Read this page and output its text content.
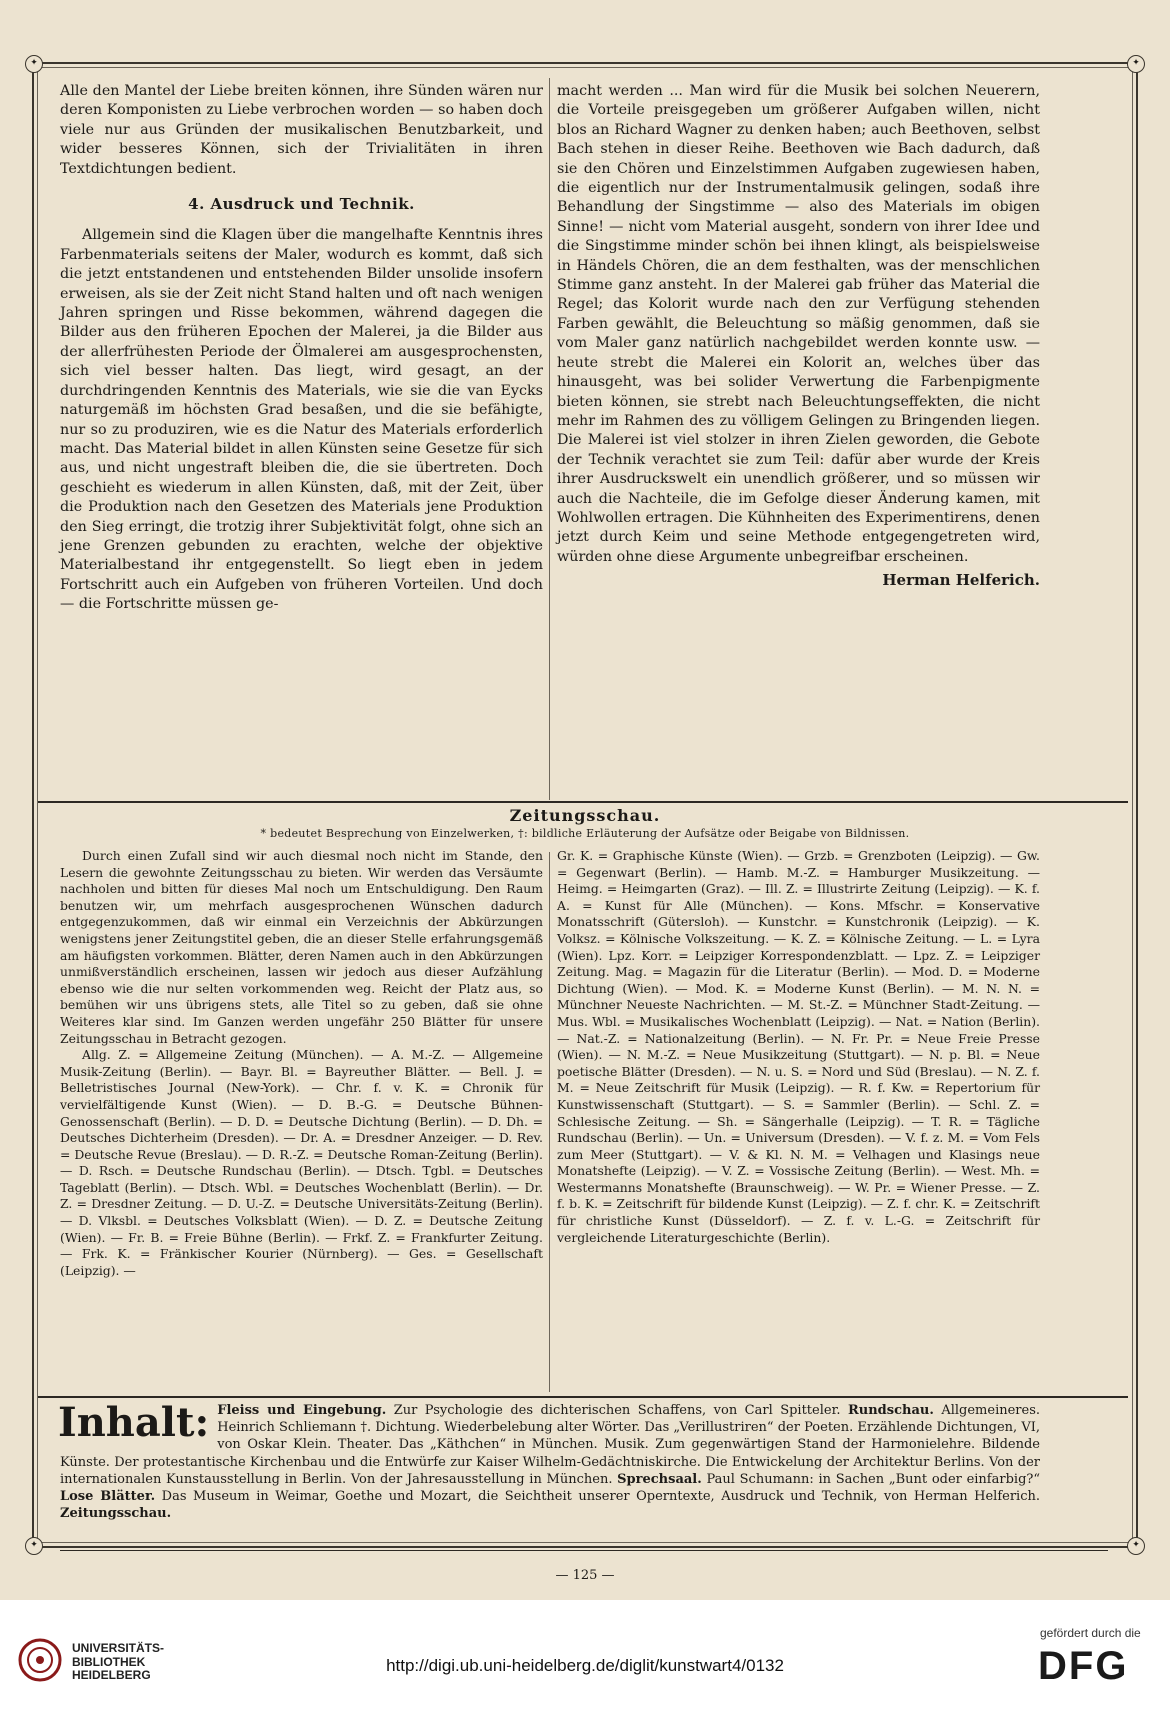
✦	✦
✦	✦

Alle den Mantel der Liebe breiten können, ihre Sünden wären nur deren Komponisten zu Liebe verbrochen worden — so haben doch viele nur aus Gründen der musikalischen Benutzbarkeit, und wider besseres Können, sich der Trivialitäten in ihren Textdichtungen bedient.

4. Ausdruck und Technik.

Allgemein sind die Klagen über die mangelhafte Kenntnis ihres Farbenmaterials seitens der Maler, wodurch es kommt, daß sich die jetzt entstandenen und entstehenden Bilder unsolide insofern erweisen, als sie der Zeit nicht Stand halten und oft nach wenigen Jahren springen und Risse bekommen, während dagegen die Bilder aus den früheren Epochen der Malerei, ja die Bilder aus der allerfrühesten Periode der Ölmalerei am ausgesprochensten, sich viel besser halten. Das liegt, wird gesagt, an der durchdringenden Kenntnis des Materials, wie sie die van Eycks naturgemäß im höchsten Grad besaßen, und die sie befähigte, nur so zu produziren, wie es die Natur des Materials erforderlich macht. Das Material bildet in allen Künsten seine Gesetze für sich aus, und nicht ungestraft bleiben die, die sie übertreten. Doch geschieht es wiederum in allen Künsten, daß, mit der Zeit, über die Produktion nach den Gesetzen des Materials jene Produktion den Sieg erringt, die trotzig ihrer Subjektivität folgt, ohne sich an jene Grenzen gebunden zu erachten, welche der objektive Materialbestand ihr entgegenstellt. So liegt eben in jedem Fortschritt auch ein Aufgeben von früheren Vorteilen. Und doch — die Fortschritte müssen ge-

macht werden ... Man wird für die Musik bei solchen Neuerern, die Vorteile preisgegeben um größerer Aufgaben willen, nicht blos an Richard Wagner zu denken haben; auch Beethoven, selbst Bach stehen in dieser Reihe. Beethoven wie Bach dadurch, daß sie den Chören und Einzelstimmen Aufgaben zugewiesen haben, die eigentlich nur der Instrumentalmusik gelingen, sodaß ihre Behandlung der Singstimme — also des Materials im obigen Sinne! — nicht vom Material ausgeht, sondern von ihrer Idee und die Singstimme minder schön bei ihnen klingt, als beispielsweise in Händels Chören, die an dem festhalten, was der menschlichen Stimme ganz ansteht. In der Malerei gab früher das Material die Regel; das Kolorit wurde nach den zur Verfügung stehenden Farben gewählt, die Beleuchtung so mäßig genommen, daß sie vom Maler ganz natürlich nachgebildet werden konnte usw. — heute strebt die Malerei ein Kolorit an, welches über das hinausgeht, was bei solider Verwertung die Farbenpigmente bieten können, sie strebt nach Beleuchtungseffekten, die nicht mehr im Rahmen des zu völligem Gelingen zu Bringenden liegen. Die Malerei ist viel stolzer in ihren Zielen geworden, die Gebote der Technik verachtet sie zum Teil: dafür aber wurde der Kreis ihrer Ausdruckswelt ein unendlich größerer, und so müssen wir auch die Nachteile, die im Gefolge dieser Änderung kamen, mit Wohlwollen ertragen. Die Kühnheiten des Experimentirens, denen jetzt durch Keim und seine Methode entgegengetreten wird, würden ohne diese Argumente unbegreifbar erscheinen.

Herman Helferich.
Zeitungsschau.
* bedeutet Besprechung von Einzelwerken, †: bildliche Erläuterung der Aufsätze oder Beigabe von Bildnissen.

Durch einen Zufall sind wir auch diesmal noch nicht im Stande, den Lesern die gewohnte Zeitungsschau zu bieten. Wir werden das Versäumte nachholen und bitten für dieses Mal noch um Entschuldigung. Den Raum benutzen wir, um mehrfach ausgesprochenen Wünschen dadurch entgegenzukommen, daß wir einmal ein Verzeichnis der Abkürzungen wenigstens jener Zeitungstitel geben, die an dieser Stelle erfahrungsgemäß am häufigsten vorkommen. Blätter, deren Namen auch in den Abkürzungen unmißverständlich erscheinen, lassen wir jedoch aus dieser Aufzählung ebenso wie die nur selten vorkommenden weg. Reicht der Platz aus, so bemühen wir uns übrigens stets, alle Titel so zu geben, daß sie ohne Weiteres klar sind. Im Ganzen werden ungefähr 250 Blätter für unsere Zeitungsschau in Betracht gezogen.

Allg. Z. = Allgemeine Zeitung (München). — A. M.-Z. — Allgemeine Musik-Zeitung (Berlin). — Bayr. Bl. = Bayreuther Blätter. — Bell. J. = Belletristisches Journal (New-York). — Chr. f. v. K. = Chronik für vervielfältigende Kunst (Wien). — D. B.-G. = Deutsche Bühnen-Genossenschaft (Berlin). — D. D. = Deutsche Dichtung (Berlin). — D. Dh. = Deutsches Dichterheim (Dresden). — Dr. A. = Dresdner Anzeiger. — D. Rev. = Deutsche Revue (Breslau). — D. R.-Z. = Deutsche Roman-Zeitung (Berlin). — D. Rsch. = Deutsche Rundschau (Berlin). — Dtsch. Tgbl. = Deutsches Tageblatt (Berlin). — Dtsch. Wbl. = Deutsches Wochenblatt (Berlin). — Dr. Z. = Dresdner Zeitung. — D. U.-Z. = Deutsche Universitäts-Zeitung (Berlin). — D. Vlksbl. = Deutsches Volksblatt (Wien). — D. Z. = Deutsche Zeitung (Wien). — Fr. B. = Freie Bühne (Berlin). — Frkf. Z. = Frankfurter Zeitung. — Frk. K. = Fränkischer Kourier (Nürnberg). — Ges. = Gesellschaft (Leipzig). —

Gr. K. = Graphische Künste (Wien). — Grzb. = Grenzboten (Leipzig). — Gw. = Gegenwart (Berlin). — Hamb. M.-Z. = Hamburger Musikzeitung. — Heimg. = Heimgarten (Graz). — Ill. Z. = Illustrirte Zeitung (Leipzig). — K. f. A. = Kunst für Alle (München). — Kons. Mfschr. = Konservative Monatsschrift (Gütersloh). — Kunstchr. = Kunstchronik (Leipzig). — K. Volksz. = Kölnische Volkszeitung. — K. Z. = Kölnische Zeitung. — L. = Lyra (Wien). Lpz. Korr. = Leipziger Korrespondenzblatt. — Lpz. Z. = Leipziger Zeitung. Mag. = Magazin für die Literatur (Berlin). — Mod. D. = Moderne Dichtung (Wien). — Mod. K. = Moderne Kunst (Berlin). — M. N. N. = Münchner Neueste Nachrichten. — M. St.-Z. = Münchner Stadt-Zeitung. — Mus. Wbl. = Musikalisches Wochenblatt (Leipzig). — Nat. = Nation (Berlin). — Nat.-Z. = Nationalzeitung (Berlin). — N. Fr. Pr. = Neue Freie Presse (Wien). — N. M.-Z. = Neue Musikzeitung (Stuttgart). — N. p. Bl. = Neue poetische Blätter (Dresden). — N. u. S. = Nord und Süd (Breslau). — N. Z. f. M. = Neue Zeitschrift für Musik (Leipzig). — R. f. Kw. = Repertorium für Kunstwissenschaft (Stuttgart). — S. = Sammler (Berlin). — Schl. Z. = Schlesische Zeitung. — Sh. = Sängerhalle (Leipzig). — T. R. = Tägliche Rundschau (Berlin). — Un. = Universum (Dresden). — V. f. z. M. = Vom Fels zum Meer (Stuttgart). — V. & Kl. N. M. = Velhagen und Klasings neue Monatshefte (Leipzig). — V. Z. = Vossische Zeitung (Berlin). — West. Mh. = Westermanns Monatshefte (Braunschweig). — W. Pr. = Wiener Presse. — Z. f. b. K. = Zeitschrift für bildende Kunst (Leipzig). — Z. f. chr. K. = Zeitschrift für christliche Kunst (Düsseldorf). — Z. f. v. L.-G. = Zeitschrift für vergleichende Literaturgeschichte (Berlin).

Inhalt: Fleiss und Eingebung. Zur Psychologie des dichterischen Schaffens, von Carl Spitteler. Rundschau. Allgemeineres. Heinrich Schliemann †. Dichtung. Wiederbelebung alter Wörter. Das „Verillustriren“ der Poeten. Erzählende Dichtungen, VI, von Oskar Klein. Theater. Das „Käthchen“ in München. Musik. Zum gegenwärtigen Stand der Harmonielehre. Bildende Künste. Der protestantische Kirchenbau und die Entwürfe zur Kaiser Wilhelm-Gedächtniskirche. Die Entwickelung der Architektur Berlins. Von der internationalen Kunstausstellung in Berlin. Von der Jahresausstellung in München. Sprechsaal. Paul Schumann: in Sachen „Bunt oder einfarbig?“ Lose Blätter. Das Museum in Weimar, Goethe und Mozart, die Seichtheit unserer Operntexte, Ausdruck und Technik, von Herman Helferich. Zeitungsschau.
— 125 —
UNIVERSITÄTS-
BIBLIOTHEK
HEIDELBERG	http://digi.ub.uni-heidelberg.de/diglit/kunstwart4/0132
gefördert durch die
DFG
